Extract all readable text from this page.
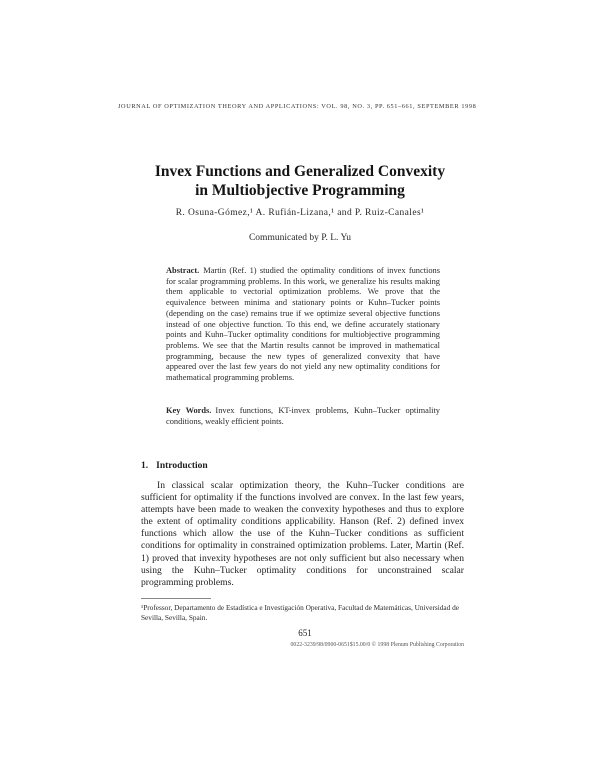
JOURNAL OF OPTIMIZATION THEORY AND APPLICATIONS: VOL. 98, NO. 3, PP. 651–661, SEPTEMBER 1998
Invex Functions and Generalized Convexity
in Multiobjective Programming
R. Osuna-Gómez,¹ A. Rufián-Lizana,¹ and P. Ruiz-Canales¹
Communicated by P. L. Yu
Abstract. Martin (Ref. 1) studied the optimality conditions of invex functions for scalar programming problems. In this work, we generalize his results making them applicable to vectorial optimization problems. We prove that the equivalence between minima and stationary points or Kuhn–Tucker points (depending on the case) remains true if we optimize several objective functions instead of one objective function. To this end, we define accurately stationary points and Kuhn–Tucker optimality conditions for multiobjective programming problems. We see that the Martin results cannot be improved in mathematical programming, because the new types of generalized convexity that have appeared over the last few years do not yield any new optimality conditions for mathematical programming problems.
Key Words. Invex functions, KT-invex problems, Kuhn–Tucker optimality conditions, weakly efficient points.
1. Introduction
In classical scalar optimization theory, the Kuhn–Tucker conditions are sufficient for optimality if the functions involved are convex. In the last few years, attempts have been made to weaken the convexity hypotheses and thus to explore the extent of optimality conditions applicability. Hanson (Ref. 2) defined invex functions which allow the use of the Kuhn–Tucker conditions as sufficient conditions for optimality in constrained optimization problems. Later, Martin (Ref. 1) proved that invexity hypotheses are not only sufficient but also necessary when using the Kuhn–Tucker optimality conditions for unconstrained scalar programming problems.
¹Professor, Departamento de Estadística e Investigación Operativa, Facultad de Matemáticas, Universidad de Sevilla, Sevilla, Spain.
651
0022-3239/98/0900-0651$15.00/0 © 1998 Plenum Publishing Corporation
